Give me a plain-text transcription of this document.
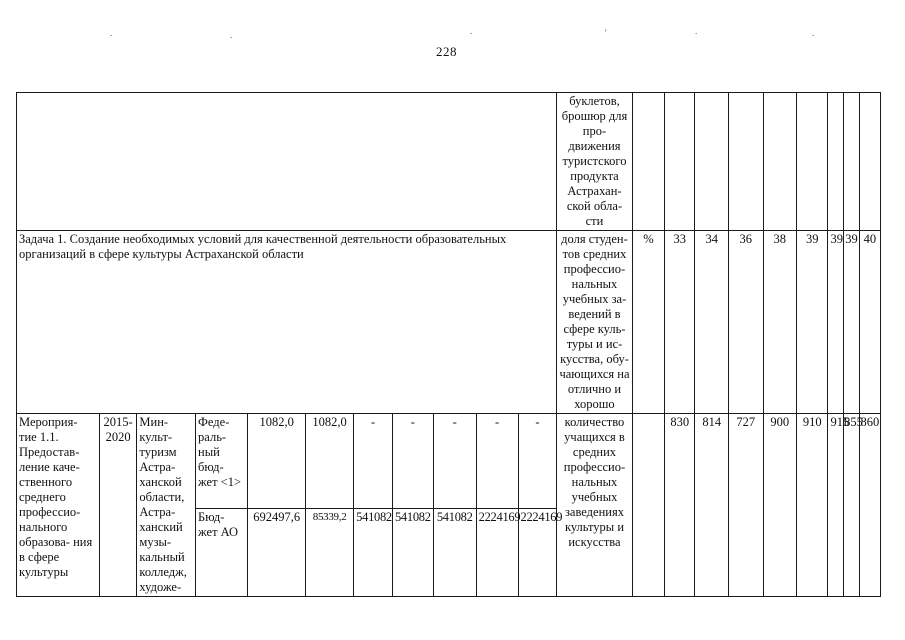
228
.	.	.	'	.	.
											буклетов, брошюр для про- движения туристского продукта Астрахан- ской обла- сти									
Задача 1. Создание необходимых условий для качественной деятельности образовательных организаций в сфере культуры Астраханской области											доля студен- тов средних профессио- нальных учебных за- ведений в сфере куль- туры и ис- кусства, обу- чающихся на отлично и хорошо	%	33	34	36	38	39	39	39	40
Мероприя- тие 1.1. Предостав- ление каче- ственного среднего профессио- нального образова- ния в сфере культуры	2015- 2020	Мин- культ- туризм Астра- ханской области, Астра- ханский музы- кальный колледж, художе-	Феде- раль- ный бюд- жет <1>	1082,0	1082,0	-	-	-	-	-	количество учащихся в средних профессио- нальных учебных заведениях культуры и искусства		830	814	727	900	910	915	855	860
			Бюд- жет АО	692497,6	85339,2	541082	541082	541082	2224169	2224169										
